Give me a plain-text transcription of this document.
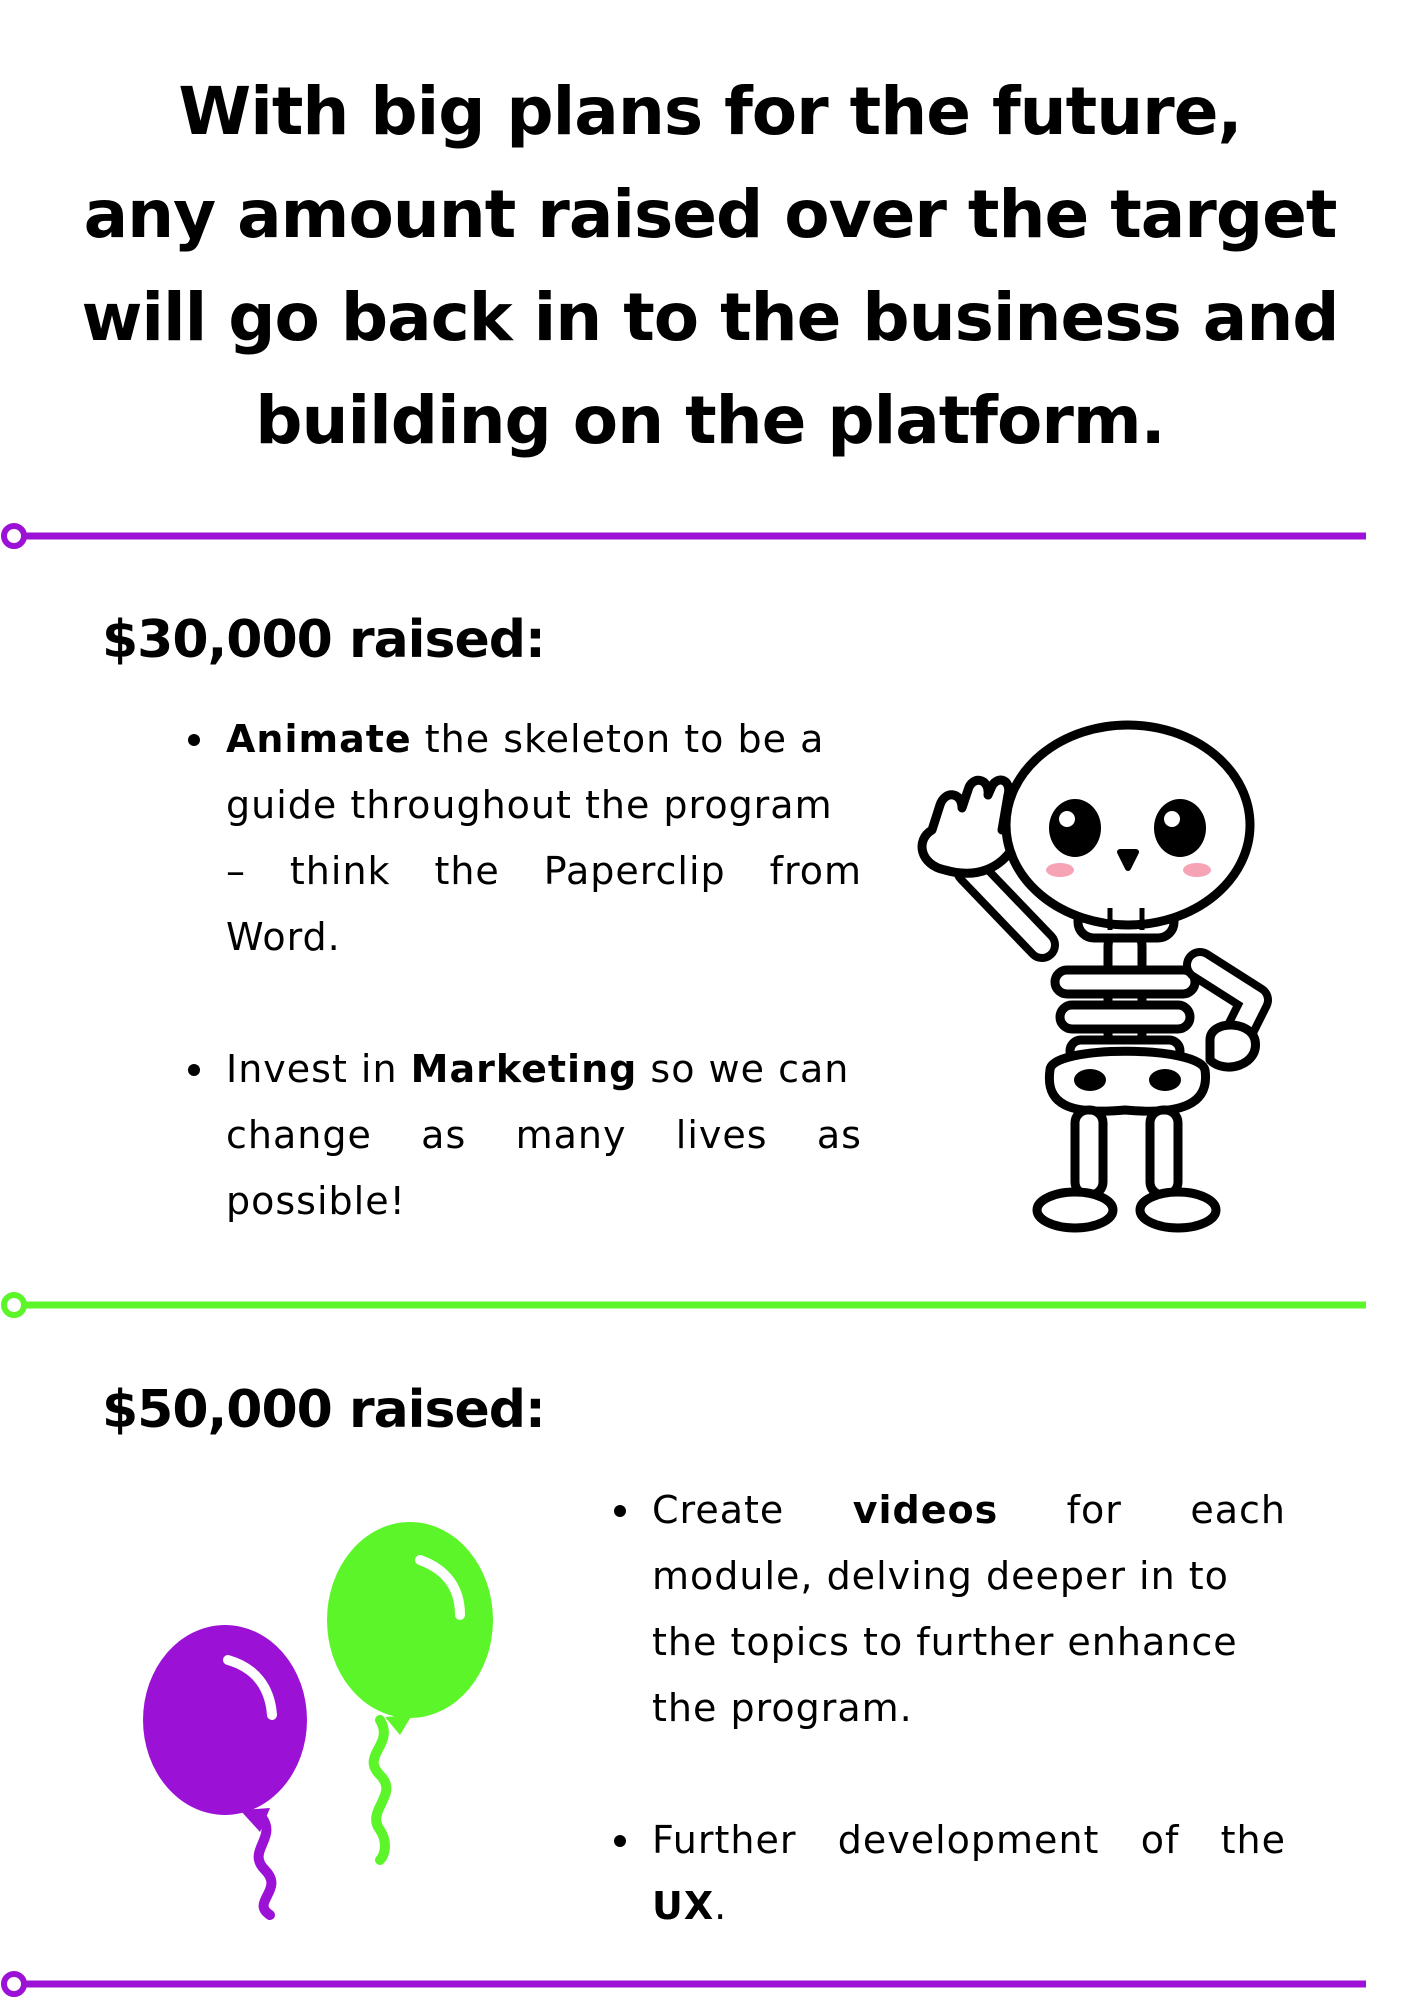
With big plans for the future,
any amount raised over the target
will go back in to the business and
building on the platform.
$30,000 raised:
Animate the skeleton to be a
guide throughout the program
– think the Paperclip from
Word.
Invest in Marketing so we can
change as many lives as
possible!
$50,000 raised:
Create videos for each
module, delving deeper in to
the topics to further enhance
the program.
Further development of the
UX.
